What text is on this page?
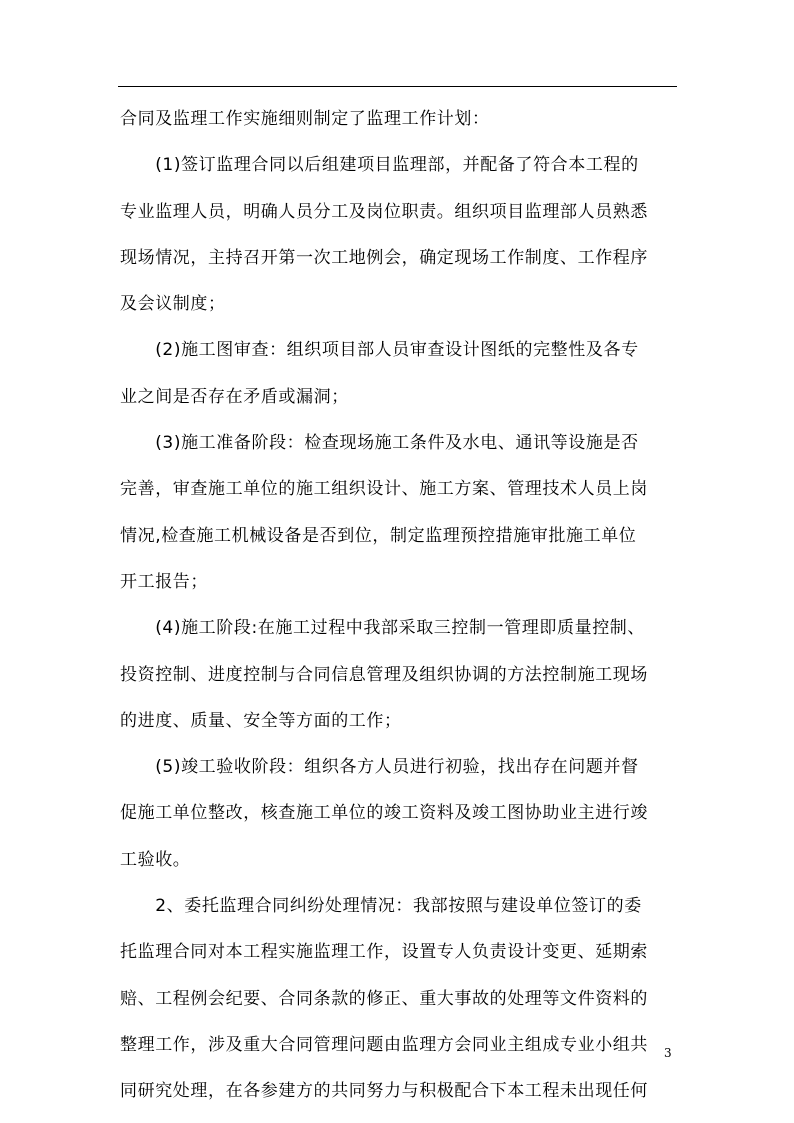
合同及监理工作实施细则制定了监理工作计划：
　　(1)签订监理合同以后组建项目监理部，并配备了符合本工程的
专业监理人员，明确人员分工及岗位职责。组织项目监理部人员熟悉
现场情况，主持召开第一次工地例会，确定现场工作制度、工作程序
及会议制度；
　　(2)施工图审查：组织项目部人员审查设计图纸的完整性及各专
业之间是否存在矛盾或漏洞；
　　(3)施工准备阶段：检查现场施工条件及水电、通讯等设施是否
完善，审查施工单位的施工组织设计、施工方案、管理技术人员上岗
情况,检查施工机械设备是否到位，制定监理预控措施审批施工单位
开工报告；
　　(4)施工阶段:在施工过程中我部采取三控制一管理即质量控制、
投资控制、进度控制与合同信息管理及组织协调的方法控制施工现场
的进度、质量、安全等方面的工作；
　　(5)竣工验收阶段：组织各方人员进行初验，找出存在问题并督
促施工单位整改，核查施工单位的竣工资料及竣工图协助业主进行竣
工验收。
　　2、委托监理合同纠纷处理情况：我部按照与建设单位签订的委
托监理合同对本工程实施监理工作，设置专人负责设计变更、延期索
赔、工程例会纪要、合同条款的修正、重大事故的处理等文件资料的
整理工作，涉及重大合同管理问题由监理方会同业主组成专业小组共
同研究处理，在各参建方的共同努力与积极配合下本工程未出现任何
3
